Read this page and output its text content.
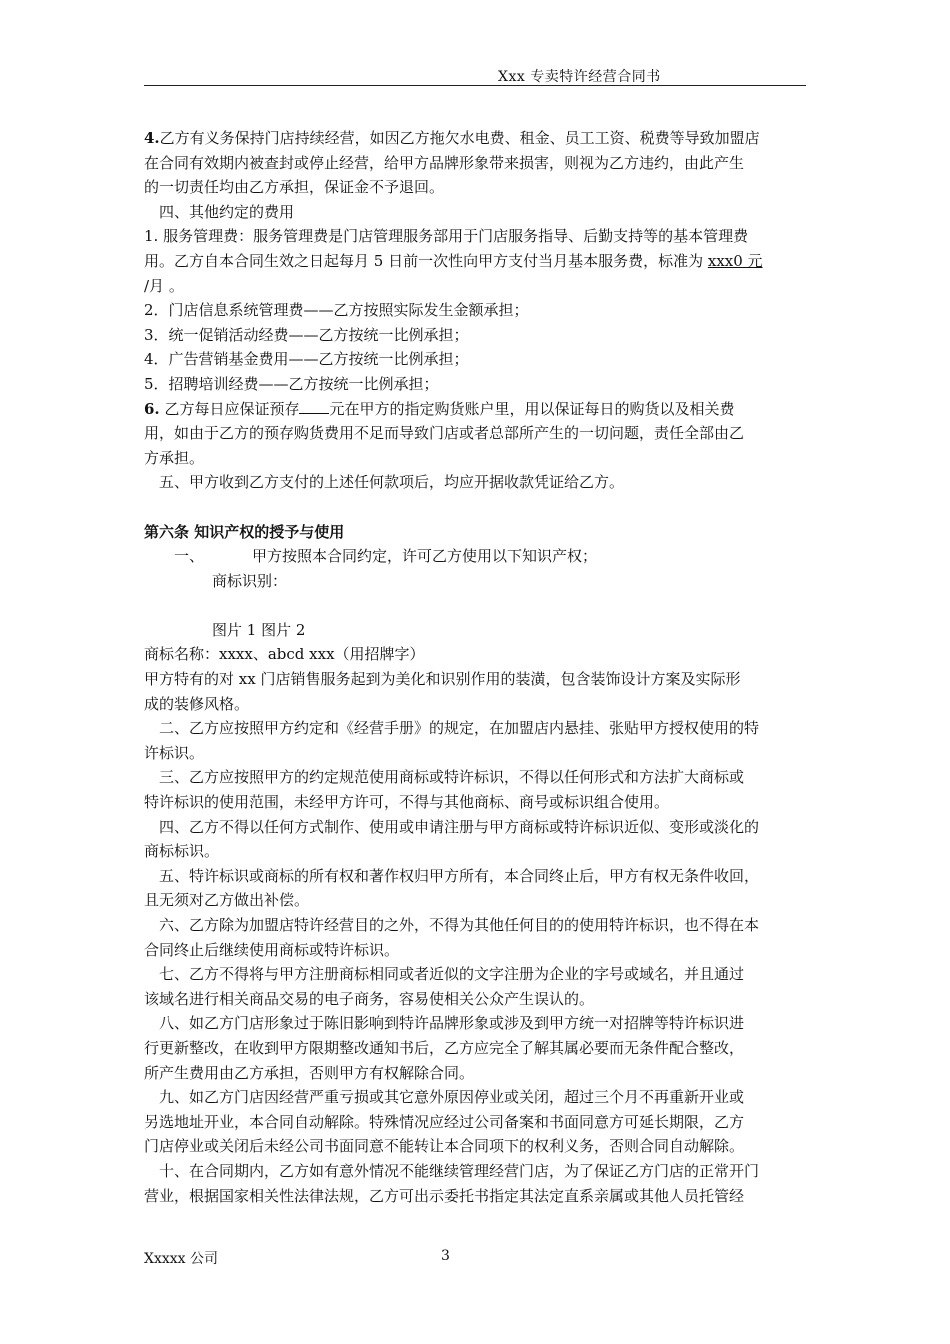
Xxx 专卖特许经营合同书

4.乙方有义务保持门店持续经营，如因乙方拖欠水电费、租金、员工工资、税费等导致加盟店

在合同有效期内被查封或停止经营，给甲方品牌形象带来损害，则视为乙方违约，由此产生

的一切责任均由乙方承担，保证金不予退回。

四、其他约定的费用

1. 服务管理费：服务管理费是门店管理服务部用于门店服务指导、后勤支持等的基本管理费

用。乙方自本合同生效之日起每月 5 日前一次性向甲方支付当月基本服务费，标准为 xxx0 元

/月 。

2．门店信息系统管理费——乙方按照实际发生金额承担；

3．统一促销活动经费——乙方按统一比例承担；

4．广告营销基金费用——乙方按统一比例承担；

5．招聘培训经费——乙方按统一比例承担；

6. 乙方每日应保证预存 元在甲方的指定购货账户里，用以保证每日的购货以及相关费

用，如由于乙方的预存购货费用不足而导致门店或者总部所产生的一切问题，责任全部由乙

方承担。

五、甲方收到乙方支付的上述任何款项后，均应开据收款凭证给乙方。

第六条 知识产权的授予与使用

一、	甲方按照本合同约定，许可乙方使用以下知识产权；

商标识别：

图片 1 图片 2

商标名称：xxxx、abcd xxx（用招牌字）

甲方特有的对 xx 门店销售服务起到为美化和识别作用的装潢，包含装饰设计方案及实际形

成的装修风格。

二、乙方应按照甲方约定和《经营手册》的规定，在加盟店内悬挂、张贴甲方授权使用的特

许标识。

三、乙方应按照甲方的约定规范使用商标或特许标识，不得以任何形式和方法扩大商标或

特许标识的使用范围，未经甲方许可，不得与其他商标、商号或标识组合使用。

四、乙方不得以任何方式制作、使用或申请注册与甲方商标或特许标识近似、变形或淡化的

商标标识。

五、特许标识或商标的所有权和著作权归甲方所有，本合同终止后，甲方有权无条件收回，

且无须对乙方做出补偿。

六、乙方除为加盟店特许经营目的之外，不得为其他任何目的的使用特许标识，也不得在本

合同终止后继续使用商标或特许标识。

七、乙方不得将与甲方注册商标相同或者近似的文字注册为企业的字号或域名，并且通过

该域名进行相关商品交易的电子商务，容易使相关公众产生误认的。

八、如乙方门店形象过于陈旧影响到特许品牌形象或涉及到甲方统一对招牌等特许标识进

行更新整改，在收到甲方限期整改通知书后，乙方应完全了解其属必要而无条件配合整改，

所产生费用由乙方承担，否则甲方有权解除合同。

九、如乙方门店因经营严重亏损或其它意外原因停业或关闭，超过三个月不再重新开业或

另选地址开业，本合同自动解除。特殊情况应经过公司备案和书面同意方可延长期限，乙方

门店停业或关闭后未经公司书面同意不能转让本合同项下的权利义务，否则合同自动解除。

十、在合同期内，乙方如有意外情况不能继续管理经营门店，为了保证乙方门店的正常开门

营业，根据国家相关性法律法规，乙方可出示委托书指定其法定直系亲属或其他人员托管经

Xxxxx 公司	3
